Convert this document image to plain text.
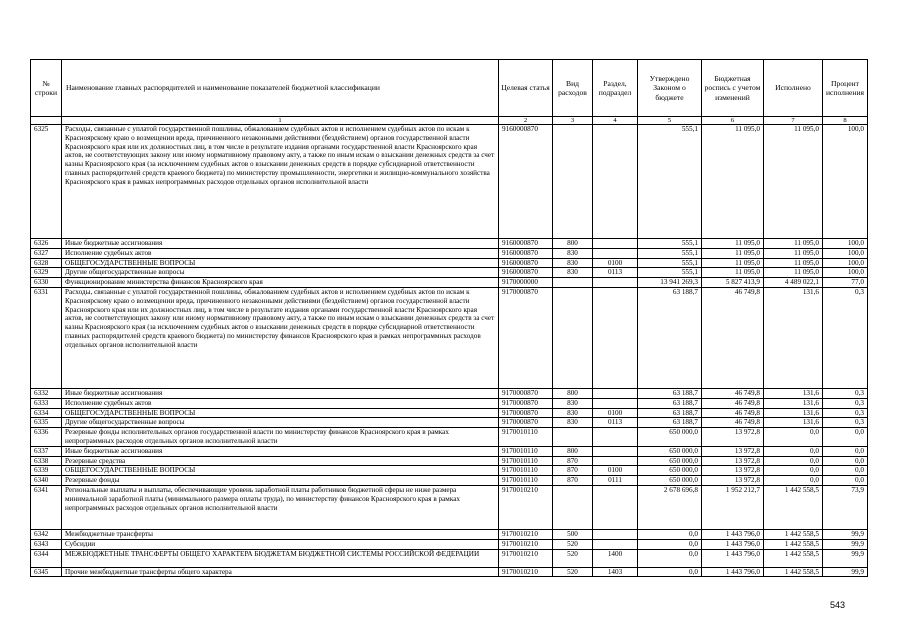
№ строки	Наименование главных распорядителей и наименование показателей бюджетной классификации	Целевая статья	Вид расходов	Раздел, подраздел	Утверждено Законом о бюджете	Бюджетная роспись с учетом изменений	Исполнено	Процент исполнения
	1	2	3	4	5	6	7	8
6325	Расходы, связанные с уплатой государственной пошлины, обжалованием судебных актов и исполнением судебных актов по искам к Красноярскому краю о возмещении вреда, причиненного незаконными действиями (бездействием) органов государственной власти Красноярского края или их должностных лиц, в том числе в результате издания органами государственной власти Красноярского края актов, не соответствующих закону или иному нормативному правовому акту, а также по иным искам о взыскании денежных средств за счет казны Красноярского края (за исключением судебных актов о взыскании денежных средств в порядке субсидиарной ответственности главных распорядителей средств краевого бюджета) по министерству промышленности, энергетики и жилищно-коммунального хозяйства Красноярского края в рамках непрограммных расходов отдельных органов исполнительной власти	9160000870			555,1	11 095,0	11 095,0	100,0
6326	Иные бюджетные ассигнования	9160000870	800		555,1	11 095,0	11 095,0	100,0
6327	Исполнение судебных актов	9160000870	830		555,1	11 095,0	11 095,0	100,0
6328	ОБЩЕГОСУДАРСТВЕННЫЕ ВОПРОСЫ	9160000870	830	0100	555,1	11 095,0	11 095,0	100,0
6329	Другие общегосударственные вопросы	9160000870	830	0113	555,1	11 095,0	11 095,0	100,0
6330	Функционирование министерства финансов Красноярского края	9170000000			13 941 269,3	5 827 413,9	4 489 022,1	77,0
6331	Расходы, связанные с уплатой государственной пошлины, обжалованием судебных актов и исполнением судебных актов по искам к Красноярскому краю о возмещении вреда, причиненного незаконными действиями (бездействием) органов государственной власти Красноярского края или их должностных лиц, в том числе в результате издания органами государственной власти Красноярского края актов, не соответствующих закону или иному нормативному правовому акту, а также по иным искам о взыскании денежных средств за счет казны Красноярского края (за исключением судебных актов о взыскании денежных средств в порядке субсидиарной ответственности главных распорядителей средств краевого бюджета) по министерству финансов Красноярского края в рамках непрограммных расходов отдельных органов исполнительной власти	9170000870			63 188,7	46 749,8	131,6	0,3
6332	Иные бюджетные ассигнования	9170000870	800		63 188,7	46 749,8	131,6	0,3
6333	Исполнение судебных актов	9170000870	830		63 188,7	46 749,8	131,6	0,3
6334	ОБЩЕГОСУДАРСТВЕННЫЕ ВОПРОСЫ	9170000870	830	0100	63 188,7	46 749,8	131,6	0,3
6335	Другие общегосударственные вопросы	9170000870	830	0113	63 188,7	46 749,8	131,6	0,3
6336	Резервные фонды исполнительных органов государственной власти по министерству финансов Красноярского края в рамках непрограммных расходов отдельных органов исполнительной власти	9170010110			650 000,0	13 972,8	0,0	0,0
6337	Иные бюджетные ассигнования	9170010110	800		650 000,0	13 972,8	0,0	0,0
6338	Резервные средства	9170010110	870		650 000,0	13 972,8	0,0	0,0
6339	ОБЩЕГОСУДАРСТВЕННЫЕ ВОПРОСЫ	9170010110	870	0100	650 000,0	13 972,8	0,0	0,0
6340	Резервные фонды	9170010110	870	0111	650 000,0	13 972,8	0,0	0,0
6341	Региональные выплаты и выплаты, обеспечивающие уровень заработной платы работников бюджетной сферы не ниже размера минимальной заработной платы (минимального размера оплаты труда), по министерству финансов Красноярского края в рамках непрограммных расходов отдельных органов исполнительной власти	9170010210			2 678 696,8	1 952 212,7	1 442 558,5	73,9
6342	Межбюджетные трансферты	9170010210	500		0,0	1 443 796,0	1 442 558,5	99,9
6343	Субсидии	9170010210	520		0,0	1 443 796,0	1 442 558,5	99,9
6344	МЕЖБЮДЖЕТНЫЕ ТРАНСФЕРТЫ ОБЩЕГО ХАРАКТЕРА БЮДЖЕТАМ БЮДЖЕТНОЙ СИСТЕМЫ РОССИЙСКОЙ ФЕДЕРАЦИИ	9170010210	520	1400	0,0	1 443 796,0	1 442 558,5	99,9
6345	Прочие межбюджетные трансферты общего характера	9170010210	520	1403	0,0	1 443 796,0	1 442 558,5	99,9
543
